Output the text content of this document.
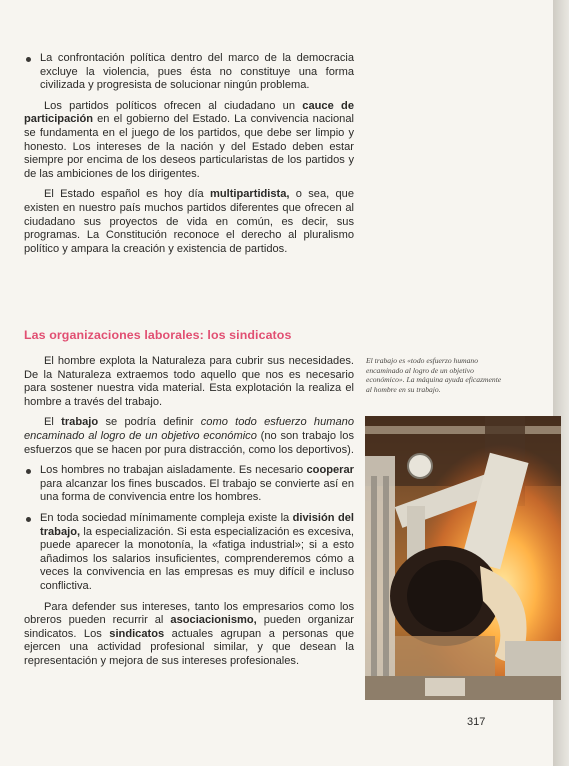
La confrontación política dentro del marco de la democracia excluye la violencia, pues ésta no constituye una forma civilizada y progresista de solucionar ningún problema.

Los partidos políticos ofrecen al ciudadano un cauce de participación en el gobierno del Estado. La convivencia nacional se fundamenta en el juego de los partidos, que debe ser limpio y honesto. Los intereses de la nación y del Estado deben estar siempre por encima de los deseos particularistas de los partidos y de las ambiciones de los dirigentes.

El Estado español es hoy día multipartidista, o sea, que existen en nuestro país muchos partidos diferentes que ofrecen al ciudadano sus proyectos de vida en común, es decir, sus programas. La Constitución reconoce el derecho al pluralismo político y ampara la creación y existencia de partidos.

Las organizaciones laborales: los sindicatos

El hombre explota la Naturaleza para cubrir sus necesidades. De la Naturaleza extraemos todo aquello que nos es necesario para sostener nuestra vida material. Esta explotación la realiza el hombre a través del trabajo.

El trabajo se podría definir como todo esfuerzo humano encaminado al logro de un objetivo económico (no son trabajo los esfuerzos que se hacen por pura distracción, como los deportivos).

Los hombres no trabajan aisladamente. Es necesario cooperar para alcanzar los fines buscados. El trabajo se convierte así en una forma de convivencia entre los hombres.
En toda sociedad mínimamente compleja existe la división del trabajo, la especialización. Si esta especialización es excesiva, puede aparecer la monotonía, la «fatiga industrial»; si a esto añadimos los salarios insuficientes, comprenderemos cómo a veces la convivencia en las empresas es muy difícil e incluso conflictiva.

Para defender sus intereses, tanto los empresarios como los obreros pueden recurrir al asociacionismo, pueden organizar sindicatos. Los sindicatos actuales agrupan a personas que ejercen una actividad profesional similar, y que desean la representación y mejora de sus intereses profesionales.

El trabajo es «todo esfuerzo humano encaminado al logro de un objetivo económico». La máquina ayuda eficazmente al hombre en su trabajo.
317
